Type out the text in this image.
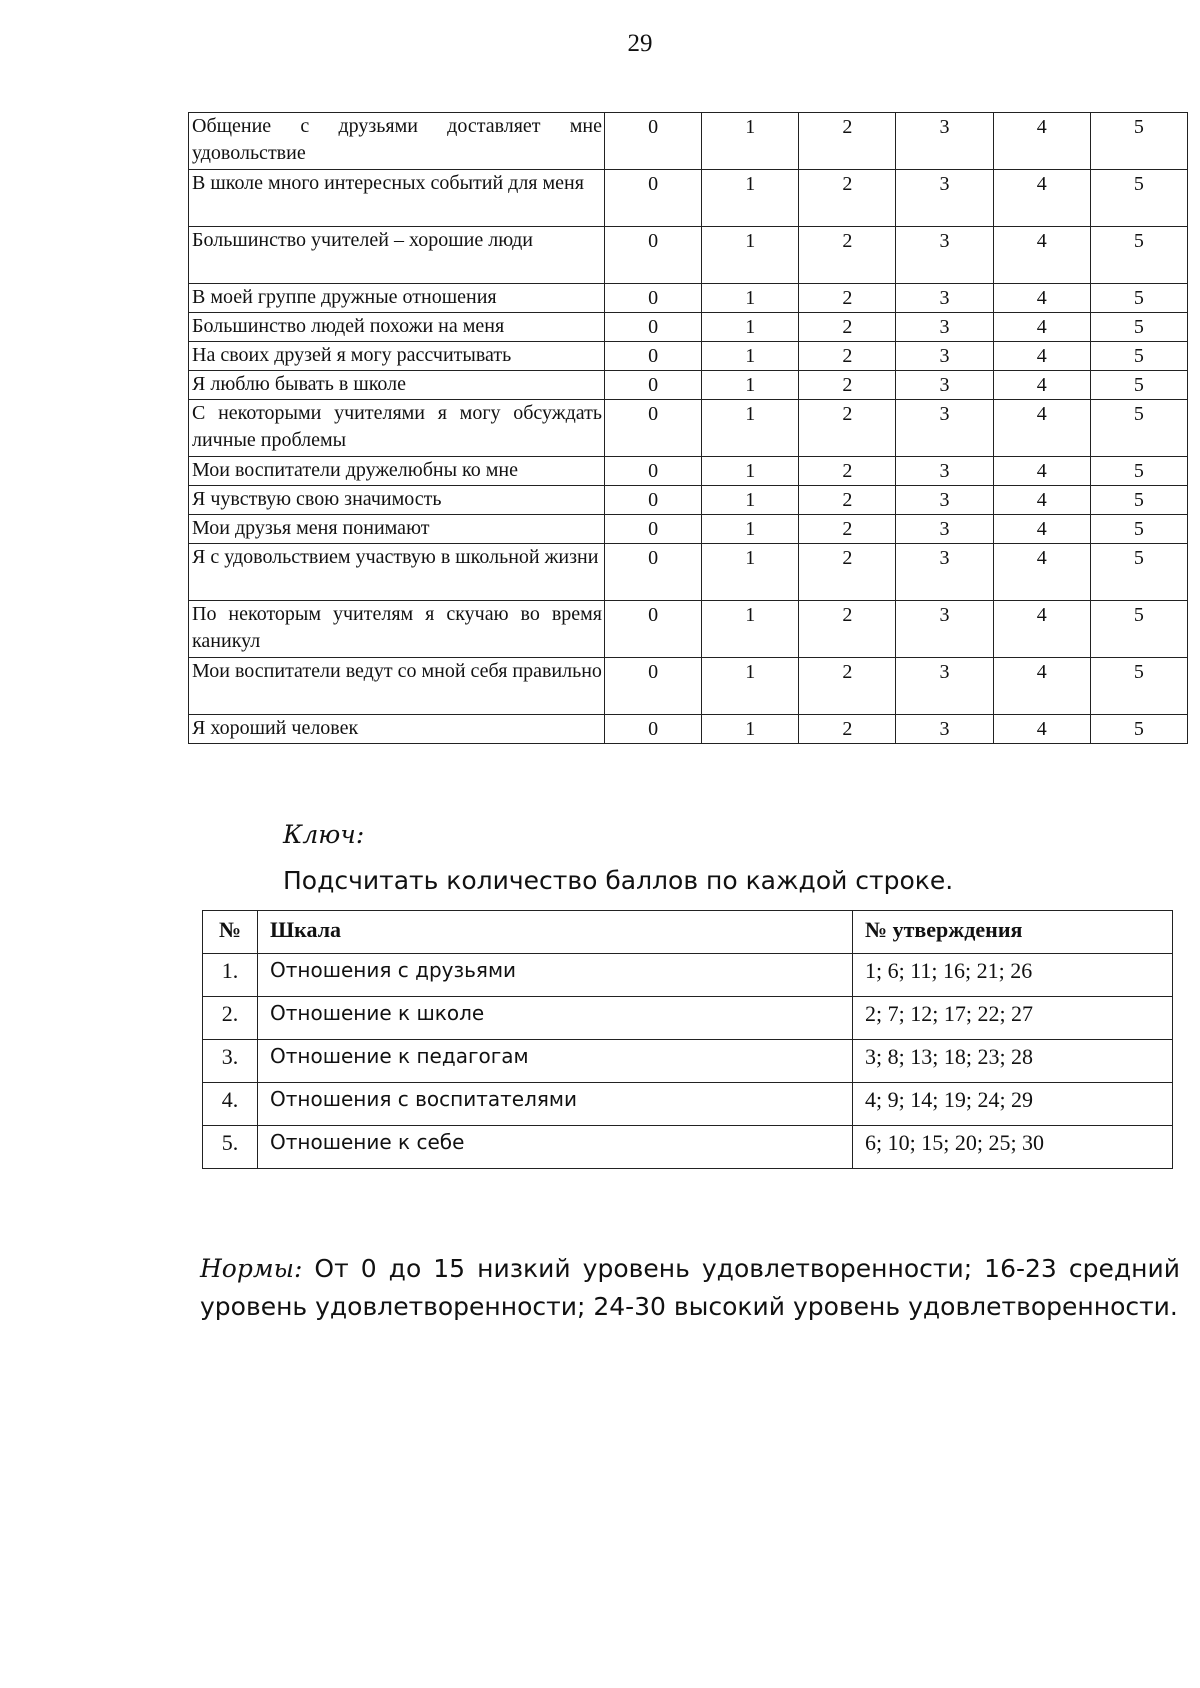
29
Общение с друзьями доставляет мне удовольствие	0	1	2	3	4	5
В школе много интересных событий для меня	0	1	2	3	4	5
Большинство учителей – хорошие люди	0	1	2	3	4	5
В моей группе дружные отношения	0	1	2	3	4	5
Большинство людей похожи на меня	0	1	2	3	4	5
На своих друзей я могу рассчитывать	0	1	2	3	4	5
Я люблю бывать в школе	0	1	2	3	4	5
С некоторыми учителями я могу обсуждать личные проблемы	0	1	2	3	4	5
Мои воспитатели дружелюбны ко мне	0	1	2	3	4	5
Я чувствую свою значимость	0	1	2	3	4	5
Мои друзья меня понимают	0	1	2	3	4	5
Я с удовольствием участвую в школьной жизни	0	1	2	3	4	5
По некоторым учителям я скучаю во время каникул	0	1	2	3	4	5
Мои воспитатели ведут со мной себя правильно	0	1	2	3	4	5
Я хороший человек	0	1	2	3	4	5
Ключ:
Подсчитать количество баллов по каждой строке.
№	Шкала	№ утверждения
1.	Отношения с друзьями	1; 6; 11; 16; 21; 26
2.	Отношение к школе	2; 7; 12; 17; 22; 27
3.	Отношение к педагогам	3; 8; 13; 18; 23; 28
4.	Отношения с воспитателями	4; 9; 14; 19; 24; 29
5.	Отношение к себе	6; 10; 15; 20; 25; 30

Нормы: От 0 до 15 низкий уровень удовлетворенности; 16-23 средний уровень удовлетворенности; 24-30 высокий уровень удовлетворенности.
